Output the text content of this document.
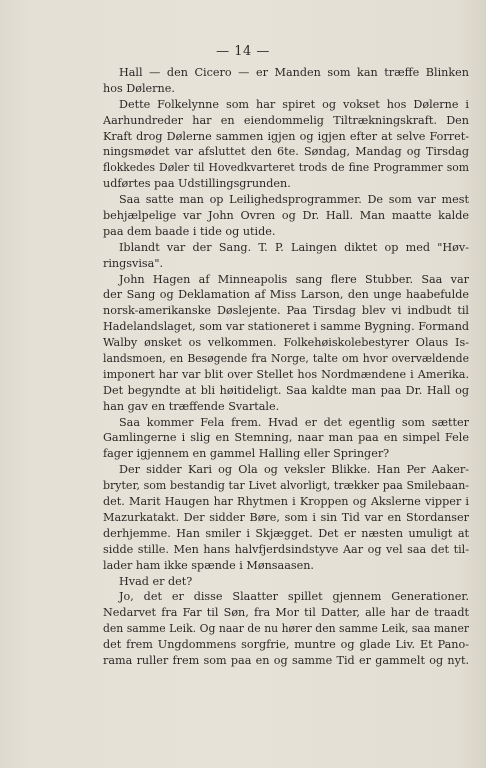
— 14 —
Hall — den Cicero — er Manden som kan træffe Blinken
hos Dølerne.
Dette Folkelynne som har spiret og vokset hos Dølerne i
Aarhundreder har en eiendommelig Tiltrækningskraft. Den
Kraft drog Dølerne sammen igjen og igjen efter at selve Forret-
ningsmødet var afsluttet den 6te. Søndag, Mandag og Tirsdag
flokkedes Døler til Hovedkvarteret trods de fine Programmer som
udførtes paa Udstillingsgrunden.
Saa satte man op Leilighedsprogrammer. De som var mest
behjælpelige var John Ovren og Dr. Hall. Man maatte kalde
paa dem baade i tide og utide.
Iblandt var der Sang. T. P. Laingen diktet op med "Høv-
ringsvisa".
John Hagen af Minneapolis sang flere Stubber. Saa var
der Sang og Deklamation af Miss Larson, den unge haabefulde
norsk-amerikanske Døslejente. Paa Tirsdag blev vi indbudt til
Hadelandslaget, som var stationeret i samme Bygning. Formand
Walby ønsket os velkommen. Folkehøiskolebestyrer Olaus Is-
landsmoen, en Besøgende fra Norge, talte om hvor overvældende
imponert har var blit over Stellet hos Nordmændene i Amerika.
Det begyndte at bli høitideligt. Saa kaldte man paa Dr. Hall og
han gav en træffende Svartale.
Saa kommer Fela frem. Hvad er det egentlig som sætter
Gamlingerne i slig en Stemning, naar man paa en simpel Fele
fager igjennem en gammel Halling eller Springer?
Der sidder Kari og Ola og veksler Blikke. Han Per Aaker-
bryter, som bestandig tar Livet alvorligt, trækker paa Smilebaan-
det. Marit Haugen har Rhytmen i Kroppen og Akslerne vipper i
Mazurkatakt. Der sidder Børe, som i sin Tid var en Stordanser
derhjemme. Han smiler i Skjægget. Det er næsten umuligt at
sidde stille. Men hans halvfjerdsindstyve Aar og vel saa det til-
lader ham ikke spænde i Mønsaasen.
Hvad er det?
Jo, det er disse Slaatter spillet gjennem Generationer.
Nedarvet fra Far til Søn, fra Mor til Datter, alle har de traadt
den samme Leik. Og naar de nu hører den samme Leik, saa maner
det frem Ungdommens sorgfrie, muntre og glade Liv. Et Pano-
rama ruller frem som paa en og samme Tid er gammelt og nyt.
